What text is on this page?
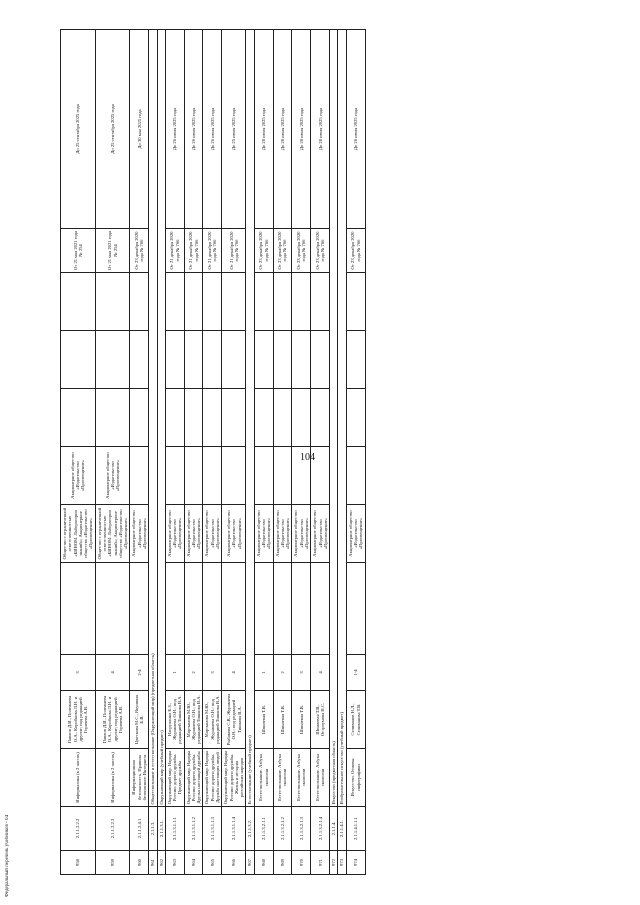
104
958	2.1.1.2.2.2	Информатика (в 2 частях)	Павлов Д.И., Полежаева О.А., Коробкова Л.Н. и другие; под редакцией Горячева А.В.	3		Общество с ограниченной ответственностью «БИНОМ. Лаборатория знаний»; Акционерное общество «Издательство «Просвещение»	Акционерное общество «Издательство «Просвещение»				От 21 мая 2021 года № 254	До 25 сентября 2025 года
959	2.1.1.2.2.3	Информатика (в 2 частях)	Павлов Д.И., Полежаева О.А., Коробкова Л.Н. и другие; под редакцией Горячева А.В.	4		Общество с ограниченной ответственностью «БИНОМ. Лаборатория знаний»; Акционерное общество «Издательство «Просвещение»	Акционерное общество «Издательство «Просвещение»				От 21 мая 2021 года № 254	До 25 сентября 2025 года
960	2.1.1.2.4.1	Информационная безопасность. Правила безопасного Интернета	Цветкова М.С., Якушина Е.В.	2-4		Акционерное общество «Издательство «Просвещение»					От 23 декабря 2020 года № 766	До 30 мая 2025 года
961	2.1.1.3.	Обществознание и естествознание (Окружающий мир) (предметная область)										
962	2.1.1.3.1.	Окружающий мир (учебный предмет)										
963	2.1.1.3.1.1.1	Окружающий мир. Народы России: дороги дружбы. Предмет дружбы	Насруллина Е.З., Журавлева О.Н.; под редакцией Тишкова В.А.	1		Акционерное общество «Издательство «Просвещение»					От 21 декабря 2020 года № 766	До 26 июля 2025 года
964	2.1.1.3.1.1.2	Окружающий мир. Народы России: дороги дружбы. Друзья настоящей дружбы	Мартынова М.Ю., Журавлева О.Н.; под редакцией Тишкова В.А.	2		Акционерное общество «Издательство «Просвещение»					От 21 декабря 2020 года № 766	До 26 июля 2025 года
965	2.1.1.3.1.1.3	Окружающий мир. Народы России: дороги дружбы. Дружба настоящих людей	Мартынова М.Ю., Журавлева О.Н.; под редакцией Тишкова В.А.	3		Акционерное общество «Издательство «Просвещение»					От 21 декабря 2020 года № 766	До 26 июля 2025 года
966	2.1.1.3.1.1.4	Окружающий мир. Народы России: дороги дружбы. Жизнь и история российских народов	Рыбакова С.В., Журавлева О.Н.; под редакцией Тишкова В.А.	4		Акционерное общество «Издательство «Просвещение»					От 21 декабря 2020 года № 766	До 25 июля 2025 года
967	2.1.1.3.2.	Естествознание (учебный предмет)										
968	2.1.1.3.2.1.1	Естествознание. Азбука экологии	Шпилевая Т.В.	1		Акционерное общество «Издательство «Просвещение»					От 23 декабря 2020 года № 766	До 28 июля 2025 года
969	2.1.1.3.2.1.2	Естествознание. Азбука экологии	Шпилевая Т.В.	2		Акционерное общество «Издательство «Просвещение»					От 23 декабря 2020 года № 766	До 28 июля 2025 года
970	2.1.1.3.2.1.3	Естествознание. Азбука экологии	Шпилевая Т.В.	3		Акционерное общество «Издательство «Просвещение»					От 23 декабря 2020 года № 766	До 28 июля 2025 года
971	2.1.1.3.2.1.4	Естествознание. Азбука экологии	Шпилевая Т.В., Остроумова Н.С.	4		Акционерное общество «Издательство «Просвещение»					От 23 декабря 2020 года № 766	До 28 июля 2025 года
972	2.1.1.4.	Искусство (предметная область)										
973	2.1.1.4.1.	Изобразительное искусство (учебный предмет)										
974	2.1.1.4.1.1.1	Искусство. Основы инфографики	Селиванов Н.Л., Селиванова Т.В.	1-4		Акционерное общество «Издательство «Просвещение»					От 23 декабря 2020 года № 766	До 26 июля 2025 года
Федеральный перечень учебников - 04
